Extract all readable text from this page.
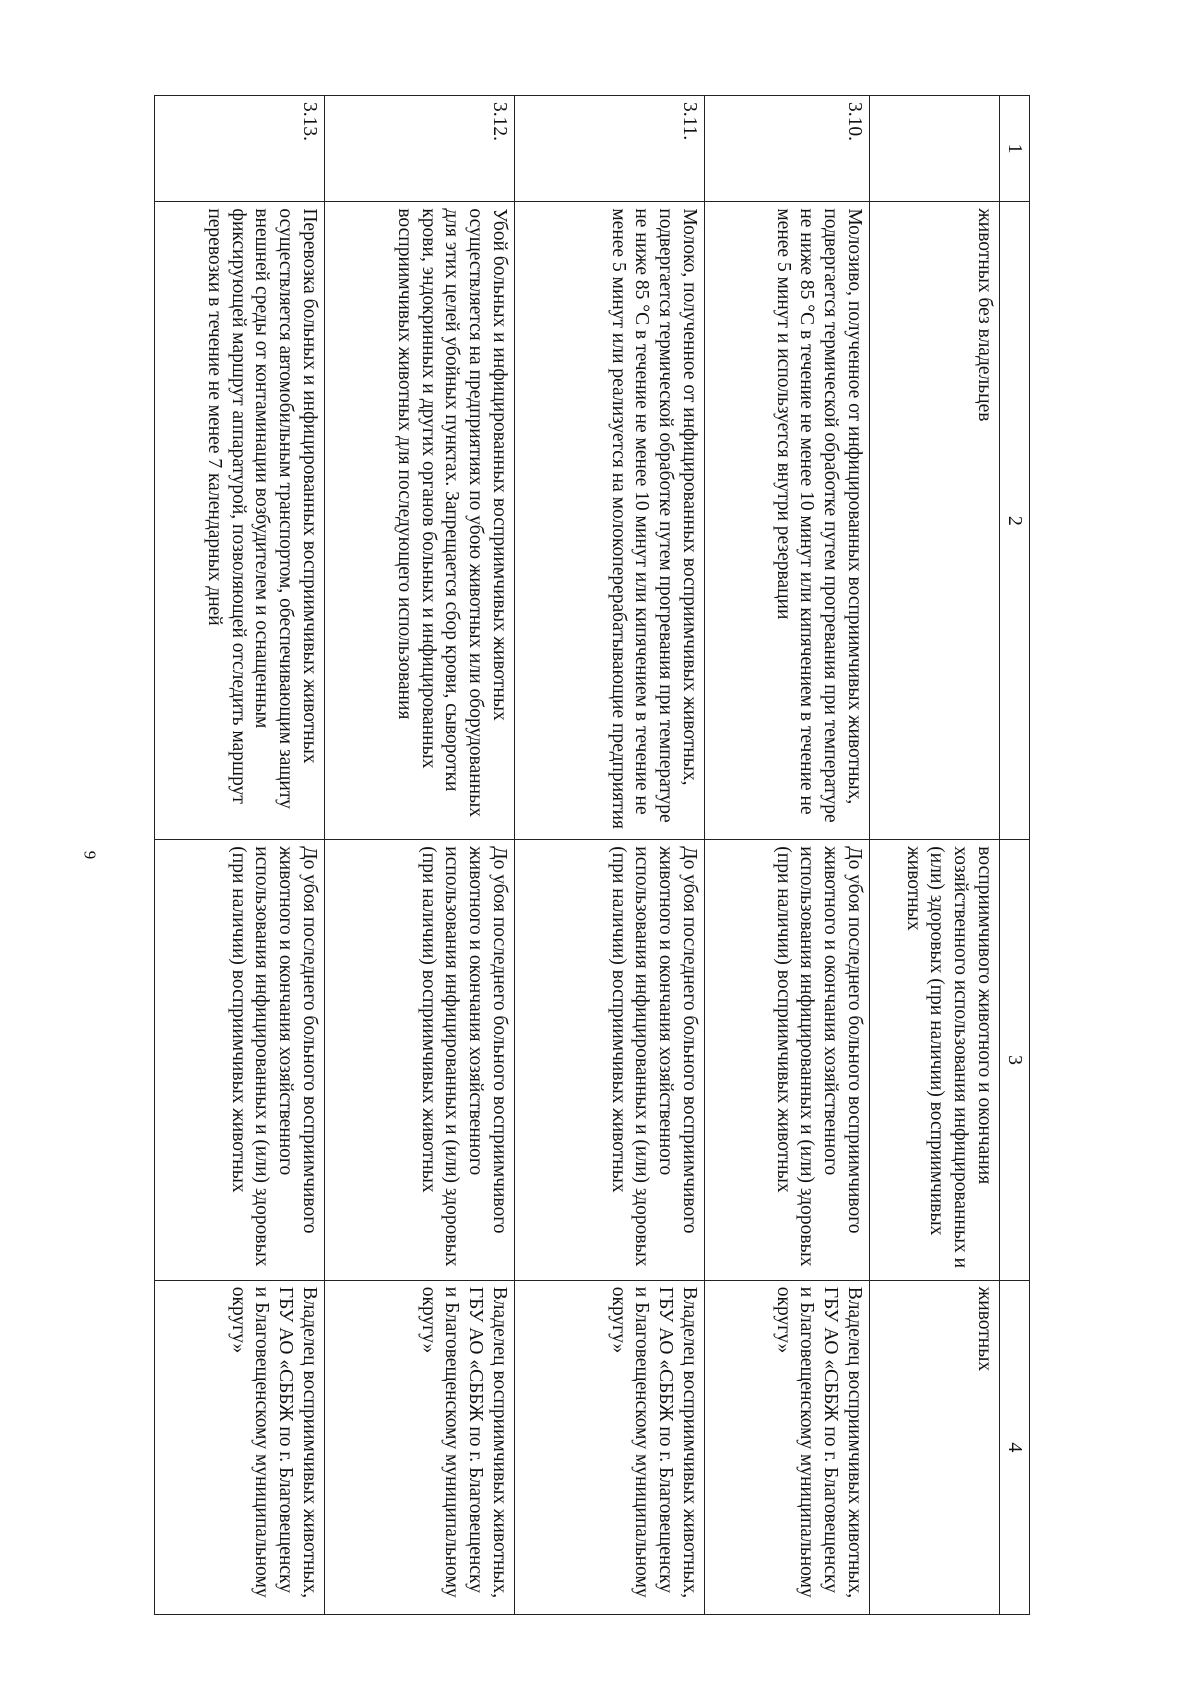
9
1	2	3	4
	животных без владельцев	восприимчивого животного и окончания хозяйственного использования инфицированных и (или) здоровых (при наличии) восприимчивых животных	животных
3.10.	Молозиво, полученное от инфицированных восприимчивых животных, подвергается термической обработке путем прогревания при температуре не ниже 85 °С в течение не менее 10 минут или кипячением в течение не менее 5 минут и используется внутри резервации	До убоя последнего больного восприимчивого животного и окончания хозяйственного использования инфицированных и (или) здоровых (при наличии) восприимчивых животных	Владелец восприимчивых животных, ГБУ АО «СББЖ по г. Благовещенску и Благовещенскому муниципальному округу»
3.11.	Молоко, полученное от инфицированных восприимчивых животных, подвергается термической обработке путем прогревания при температуре не ниже 85 °С в течение не менее 10 минут или кипячением в течение не менее 5 минут или реализуется на молокоперерабатывающие предприятия	До убоя последнего больного восприимчивого животного и окончания хозяйственного использования инфицированных и (или) здоровых (при наличии) восприимчивых животных	Владелец восприимчивых животных, ГБУ АО «СББЖ по г. Благовещенску и Благовещенскому муниципальному округу»
3.12.	Убой больных и инфицированных восприимчивых животных осуществляется на предприятиях по убою животных или оборудованных для этих целей убойных пунктах. Запрещается сбор крови, сыворотки крови, эндокринных и других органов больных и инфицированных восприимчивых животных для последующего использования	До убоя последнего больного восприимчивого животного и окончания хозяйственного использования инфицированных и (или) здоровых (при наличии) восприимчивых животных	Владелец восприимчивых животных, ГБУ АО «СББЖ по г. Благовещенску и Благовещенскому муниципальному округу»
3.13.	Перевозка больных и инфицированных восприимчивых животных осуществляется автомобильным транспортом, обеспечивающим защиту внешней среды от контаминации возбудителем и оснащенным фиксирующей маршрут аппаратурой, позволяющей отследить маршрут перевозки в течение не менее 7 календарных дней	До убоя последнего больного восприимчивого животного и окончания хозяйственного использования инфицированных и (или) здоровых (при наличии) восприимчивых животных	Владелец восприимчивых животных, ГБУ АО «СББЖ по г. Благовещенску и Благовещенскому муниципальному округу»
